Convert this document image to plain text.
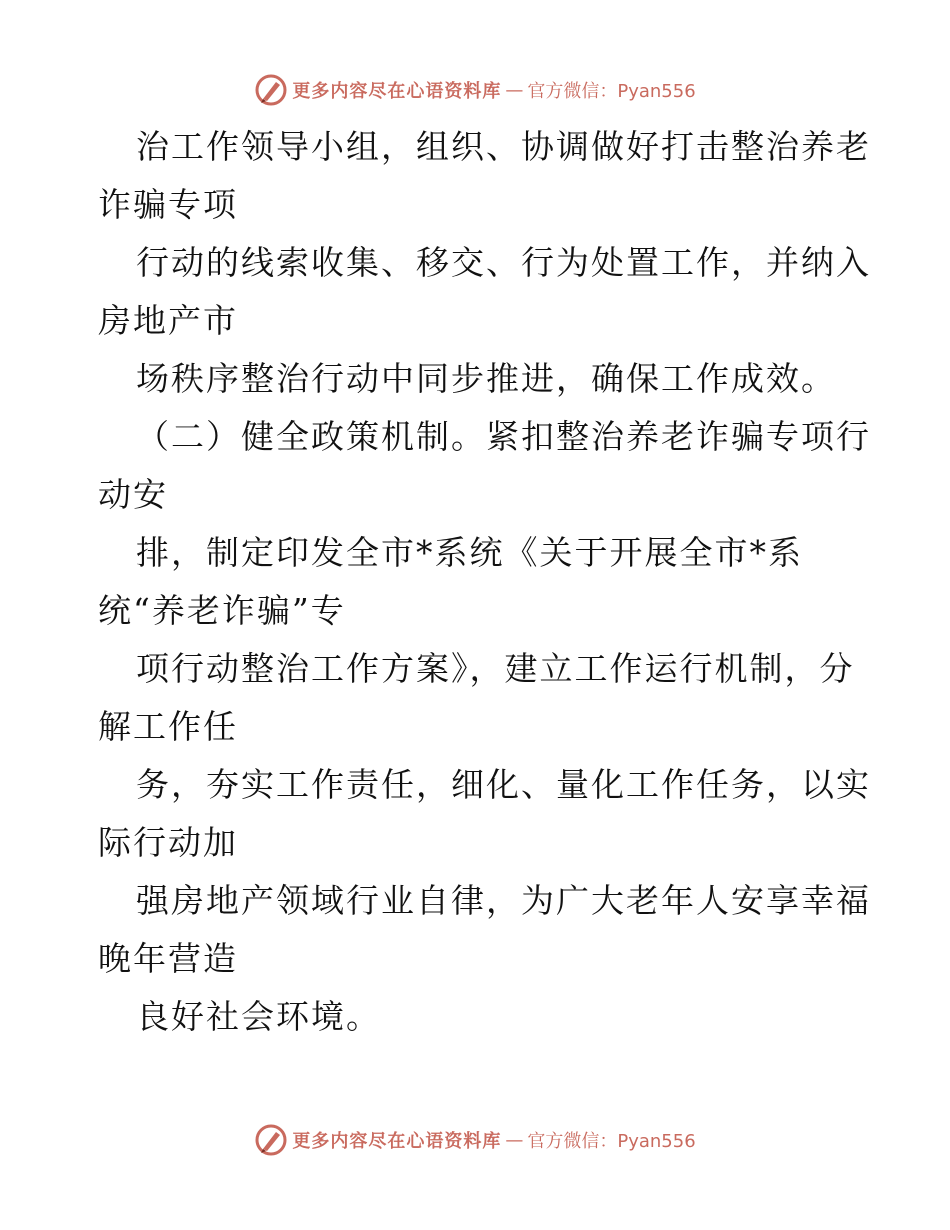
更多内容尽在心语资料库 — 官方微信：Pyan556
治工作领导小组，组织、协调做好打击整治养老
诈骗专项
行动的线索收集、移交、行为处置工作，并纳入
房地产市
场秩序整治行动中同步推进，确保工作成效。
（二）健全政策机制。紧扣整治养老诈骗专项行
动安
排，制定印发全市*系统《关于开展全市*系
统“养老诈骗”专
项行动整治工作方案》，建立工作运行机制，分
解工作任
务，夯实工作责任，细化、量化工作任务，以实
际行动加
强房地产领域行业自律，为广大老年人安享幸福
晚年营造
良好社会环境。
更多内容尽在心语资料库 — 官方微信：Pyan556
